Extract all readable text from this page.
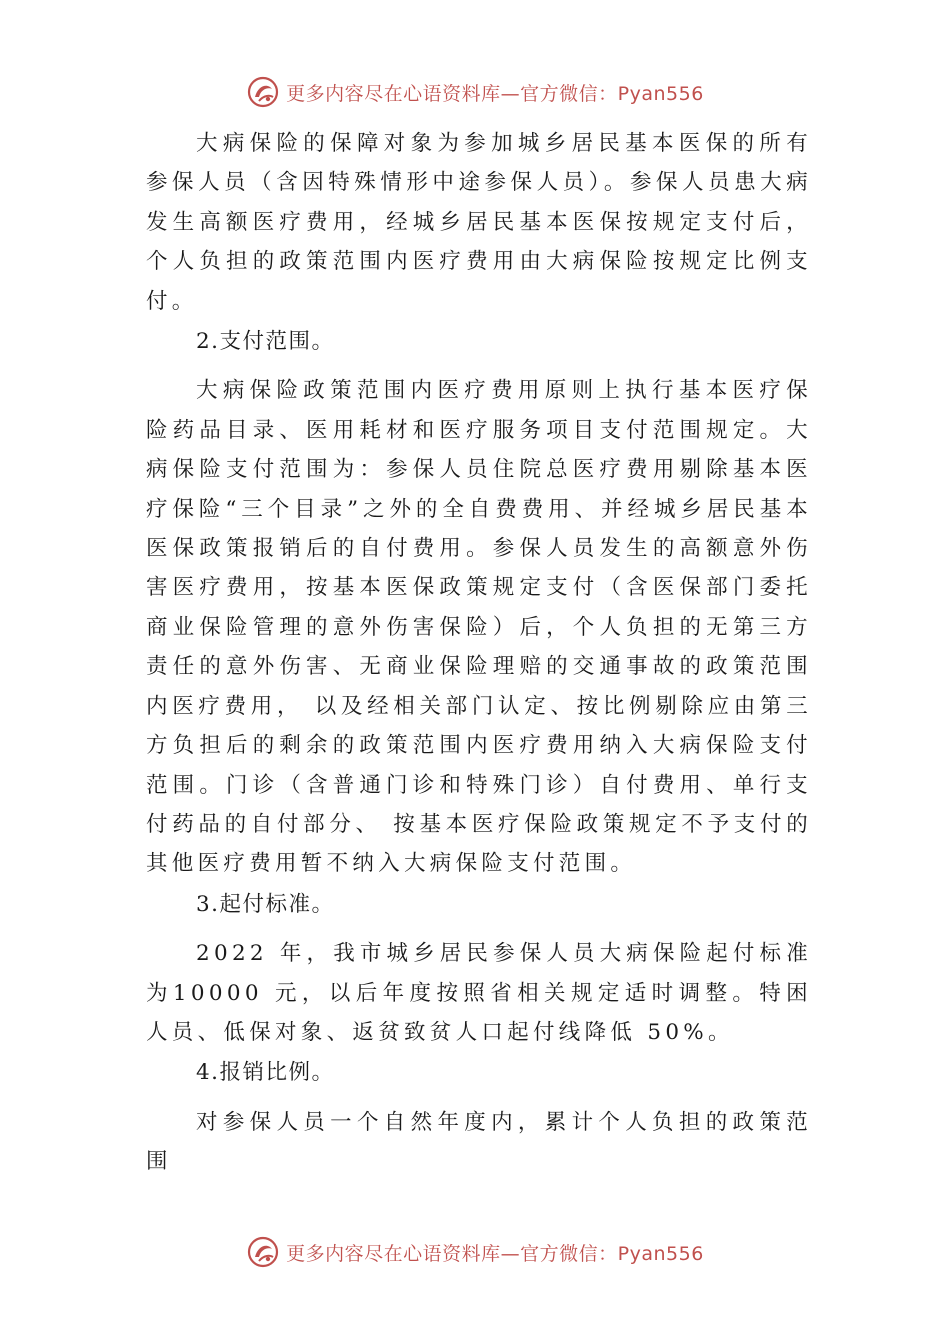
更多内容尽在心语资料库—官方微信：Pyan556

大病保险的保障对象为参加城乡居民基本医保的所有参保人员（含因特殊情形中途参保人员）。参保人员患大病发生高额医疗费用，经城乡居民基本医保按规定支付后，个人负担的政策范围内医疗费用由大病保险按规定比例支付。

2.支付范围。

大病保险政策范围内医疗费用原则上执行基本医疗保险药品目录、医用耗材和医疗服务项目支付范围规定。大病保险支付范围为：参保人员住院总医疗费用剔除基本医疗保险“三个目录”之外的全自费费用、并经城乡居民基本医保政策报销后的自付费用。参保人员发生的高额意外伤害医疗费用，按基本医保政策规定支付（含医保部门委托商业保险管理的意外伤害保险）后，个人负担的无第三方责任的意外伤害、无商业保险理赔的交通事故的政策范围内医疗费用， 以及经相关部门认定、按比例剔除应由第三方负担后的剩余的政策范围内医疗费用纳入大病保险支付范围。门诊（含普通门诊和特殊门诊）自付费用、单行支付药品的自付部分、 按基本医疗保险政策规定不予支付的其他医疗费用暂不纳入大病保险支付范围。

3.起付标准。

2022 年，我市城乡居民参保人员大病保险起付标准为10000 元，以后年度按照省相关规定适时调整。特困人员、低保对象、返贫致贫人口起付线降低 50%。

4.报销比例。

对参保人员一个自然年度内，累计个人负担的政策范围

更多内容尽在心语资料库—官方微信：Pyan556
